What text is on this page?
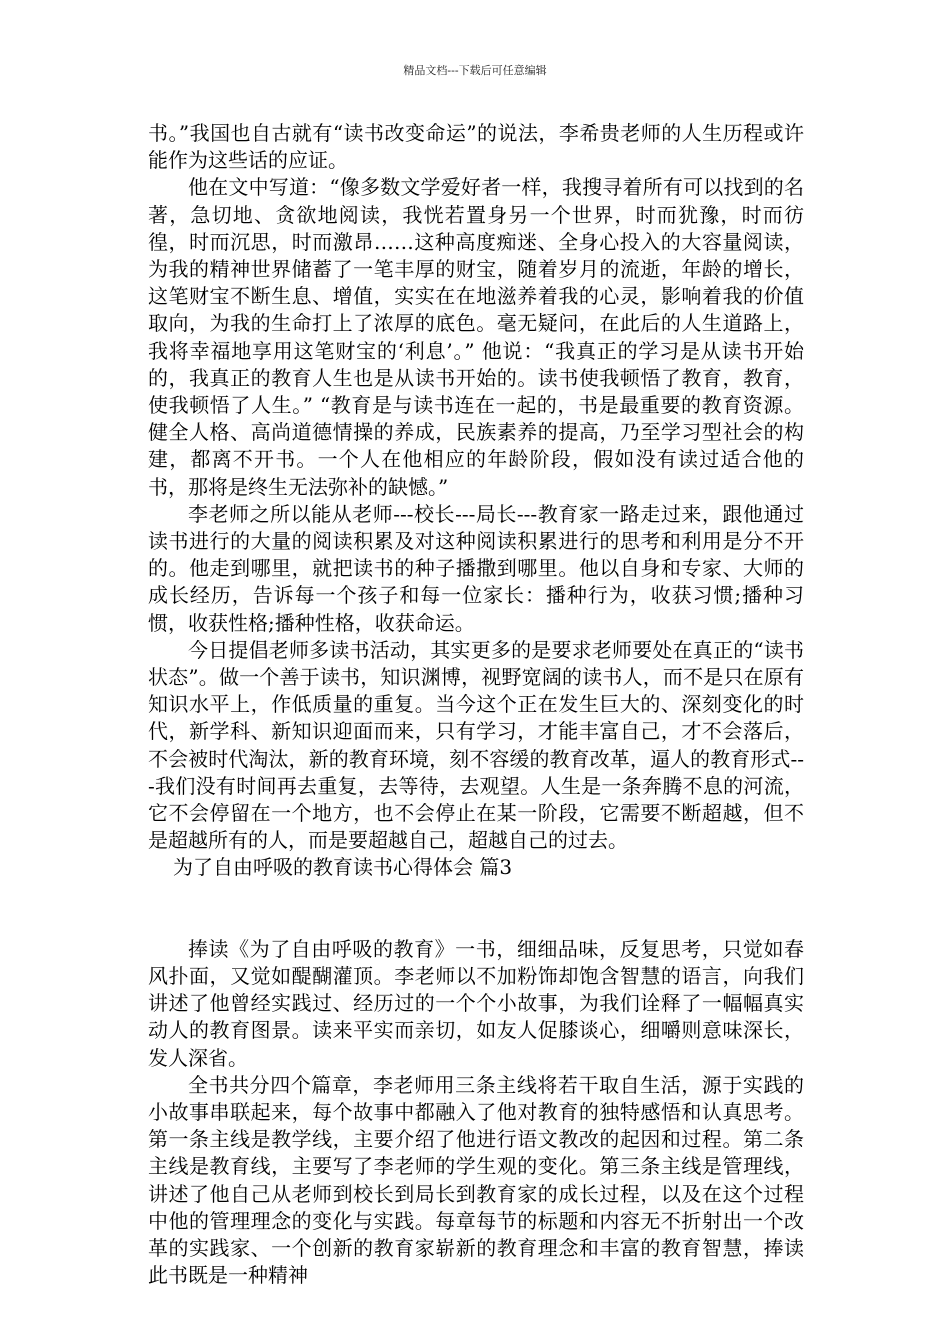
精品文档---下载后可任意编辑

书。”我国也自古就有“读书改变命运”的说法，李希贵老师的人生历程或许能作为这些话的应证。

他在文中写道：“像多数文学爱好者一样，我搜寻着所有可以找到的名著，急切地、贪欲地阅读，我恍若置身另一个世界，时而犹豫，时而彷徨，时而沉思，时而激昂……这种高度痴迷、全身心投入的大容量阅读，为我的精神世界储蓄了一笔丰厚的财宝，随着岁月的流逝，年龄的增长，这笔财宝不断生息、增值，实实在在地滋养着我的心灵，影响着我的价值取向，为我的生命打上了浓厚的底色。毫无疑问，在此后的人生道路上，我将幸福地享用这笔财宝的‘利息’。” 他说：“我真正的学习是从读书开始的，我真正的教育人生也是从读书开始的。读书使我顿悟了教育，教育，使我顿悟了人生。” “教育是与读书连在一起的，书是最重要的教育资源。健全人格、高尚道德情操的养成，民族素养的提高，乃至学习型社会的构建，都离不开书。一个人在他相应的年龄阶段，假如没有读过适合他的书，那将是终生无法弥补的缺憾。”

李老师之所以能从老师---校长---局长---教育家一路走过来，跟他通过读书进行的大量的阅读积累及对这种阅读积累进行的思考和利用是分不开的。他走到哪里，就把读书的种子播撒到哪里。他以自身和专家、大师的成长经历，告诉每一个孩子和每一位家长：播种行为，收获习惯;播种习惯，收获性格;播种性格，收获命运。

今日提倡老师多读书活动，其实更多的是要求老师要处在真正的“读书状态”。做一个善于读书，知识渊博，视野宽阔的读书人，而不是只在原有知识水平上，作低质量的重复。当今这个正在发生巨大的、深刻变化的时代，新学科、新知识迎面而来，只有学习，才能丰富自己，才不会落后，不会被时代淘汰，新的教育环境，刻不容缓的教育改革，逼人的教育形式---我们没有时间再去重复，去等待，去观望。人生是一条奔腾不息的河流，它不会停留在一个地方，也不会停止在某一阶段，它需要不断超越，但不是超越所有的人，而是要超越自己，超越自己的过去。

为了自由呼吸的教育读书心得体会 篇3

捧读《为了自由呼吸的教育》一书，细细品味，反复思考，只觉如春风扑面，又觉如醍醐灌顶。李老师以不加粉饰却饱含智慧的语言，向我们讲述了他曾经实践过、经历过的一个个小故事，为我们诠释了一幅幅真实动人的教育图景。读来平实而亲切，如友人促膝谈心，细嚼则意味深长，发人深省。

全书共分四个篇章，李老师用三条主线将若干取自生活，源于实践的小故事串联起来，每个故事中都融入了他对教育的独特感悟和认真思考。第一条主线是教学线，主要介绍了他进行语文教改的起因和过程。第二条主线是教育线，主要写了李老师的学生观的变化。第三条主线是管理线，讲述了他自己从老师到校长到局长到教育家的成长过程，以及在这个过程中他的管理理念的变化与实践。每章每节的标题和内容无不折射出一个改革的实践家、一个创新的教育家崭新的教育理念和丰富的教育智慧，捧读此书既是一种精神
